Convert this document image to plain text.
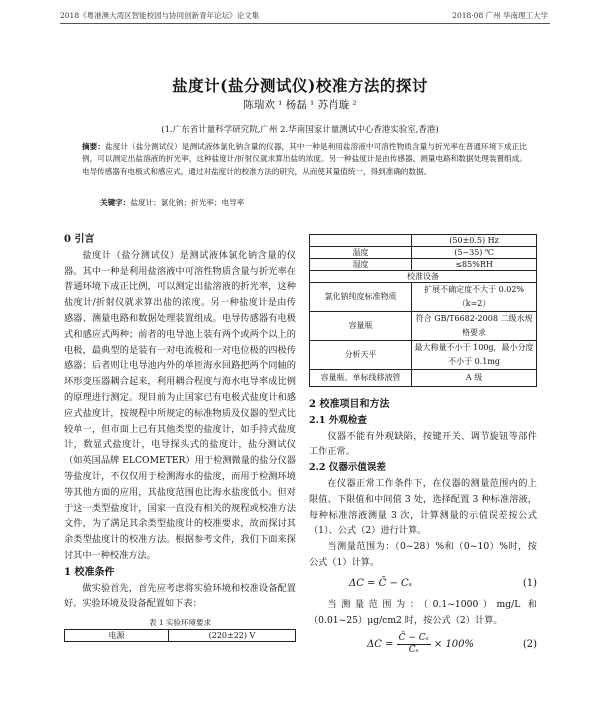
2018《粤港澳大湾区智能校园与协同创新青年论坛》论文集	2018·08 广州 华南理工大学
盐度计(盐分测试仪)校准方法的探讨
陈瑞欢 ¹ 杨磊 ¹ 苏肖璇 ²
(1.广东省计量科学研究院,广州 2.华南国家计量测试中心香港实验室,香港)
摘要：盐度计（盐分测试仪）是测试液体氯化钠含量的仪器，其中一种是利用盐溶液中可溶性物质含量与折光率在普通环境下成正比例，可以测定出盐溶液的折光率，这种盐度计/折射仪就求算出盐的浓度。另一种盐度计是由传感器、测量电路和数据处理装置组成。电导传感器有电极式和感应式，通过对盐度计的校准方法的研究，从而使其量值统一，得到准确的数据。
关键字：盐度计；氯化钠；折光率；电导率
0 引言

盐度计（盐分测试仪）是测试液体氯化钠含量的仪器。其中一种是利用盐溶液中可溶性物质含量与折光率在普通环境下成正比例，可以测定出盐溶液的折光率，这种盐度计/折射仪就求算出盐的浓度。另一种盐度计是由传感器、测量电路和数据处理装置组成。电导传感器有电极式和感应式两种；前者的电导池上装有两个或两个以上的电极，最典型的是装有一对电流极和一对电位极的四极传感器；后者则让电导池内外的单匝海水回路把两个同轴的环形变压器耦合起来，利用耦合程度与海水电导率成比例的原理进行测定。现目前为止国家已有电极式盐度计和感应式盐度计，按规程中所规定的标准物质及仪器的型式比较单一，但市面上已有其他类型的盐度计，如手持式盐度计，数显式盐度计，电导探头式的盐度计，盐分测试仪（如英国品牌 ELCOMETER）用于检测微量的盐分仪器等盐度计，不仅仅用于检测海水的盐度，而用于检测环境等其他方面的应用，其盐度范围也比海水盐度低小。但对于这一类型盐度计，国家一直没有相关的规程或校准方法文件，为了满足其余类型盐度计的校准要求，故而探讨其余类型盐度计的校准方法。根据参考文件，我们下面来探讨其中一种校准方法。

1 校准条件

做实验首先，首先应考虑将实验环境和校准设备配置好。实验环境及设备配置如下表：

表 1 实验环境要求
电源	(220±22) V
	(50±0.5) Hz
温度	(5~35) ℃
湿度	≤85%RH
校准设备	
氯化钠纯度标准物质	扩展不确定度不大于 0.02%（k=2）
容量瓶	符合 GB/T6682-2008 二级水规格要求
分析天平	最大称量不小于 100g，最小分度不小于 0.1mg
容量瓶、单标线移液管	A 级
2 校准项目和方法
2.1 外观检查

仪器不能有外观缺陷，按键开关、调节旋钮等部件工作正常。

2.2 仪器示值误差

在仪器正常工作条件下，在仪器的测量范围内的上限值、下限值和中间值 3 处，选择配置 3 种标准溶液，每种标准溶液测量 3 次，计算测量的示值误差按公式（1）、公式（2）进行计算。

当测量范围为：（0~28）%和（0~10）%时，按公式（1）计算。

ΔC = C̄ − Cₛ	(1)

当测量范围为：（0.1~1000）mg/L 和（0.01~25）μg/cm2 时，按公式（2）计算。

$\Delta C = \frac{\text{C̄ − Cₛ}}{\text{Cₛ}} \times 100\%$	(2)
